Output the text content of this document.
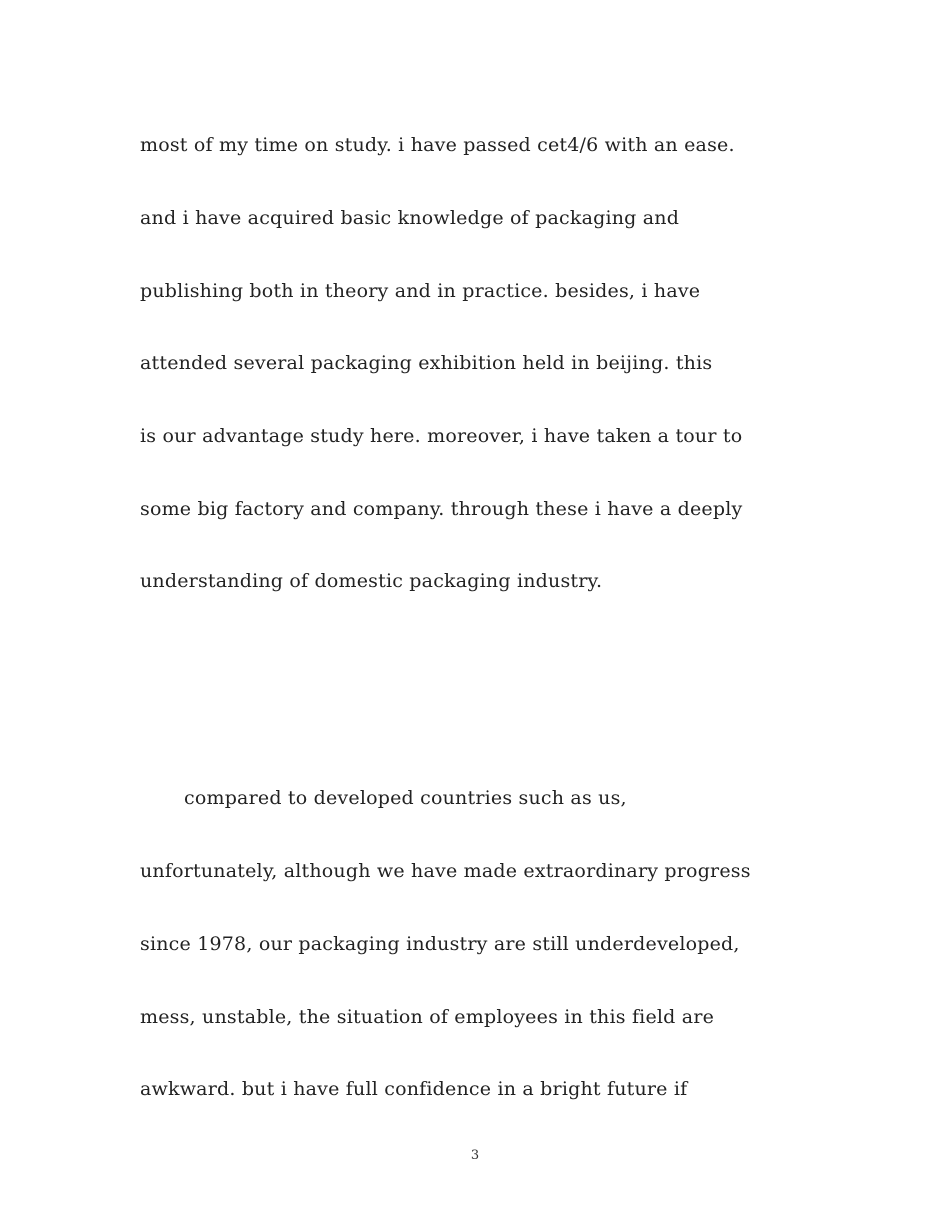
most of my time on study. i have passed cet4/6 with an ease.
and i have acquired basic knowledge of packaging and
publishing both in theory and in practice. besides, i have
attended several packaging exhibition held in beijing. this
is our advantage study here. moreover, i have taken a tour to
some big factory and company. through these i have a deeply
understanding of domestic packaging industry.
compared to developed countries such as us,
unfortunately, although we have made extraordinary progress
since 1978, our packaging industry are still underdeveloped,
mess, unstable, the situation of employees in this field are
awkward. but i have full confidence in a bright future if
3
